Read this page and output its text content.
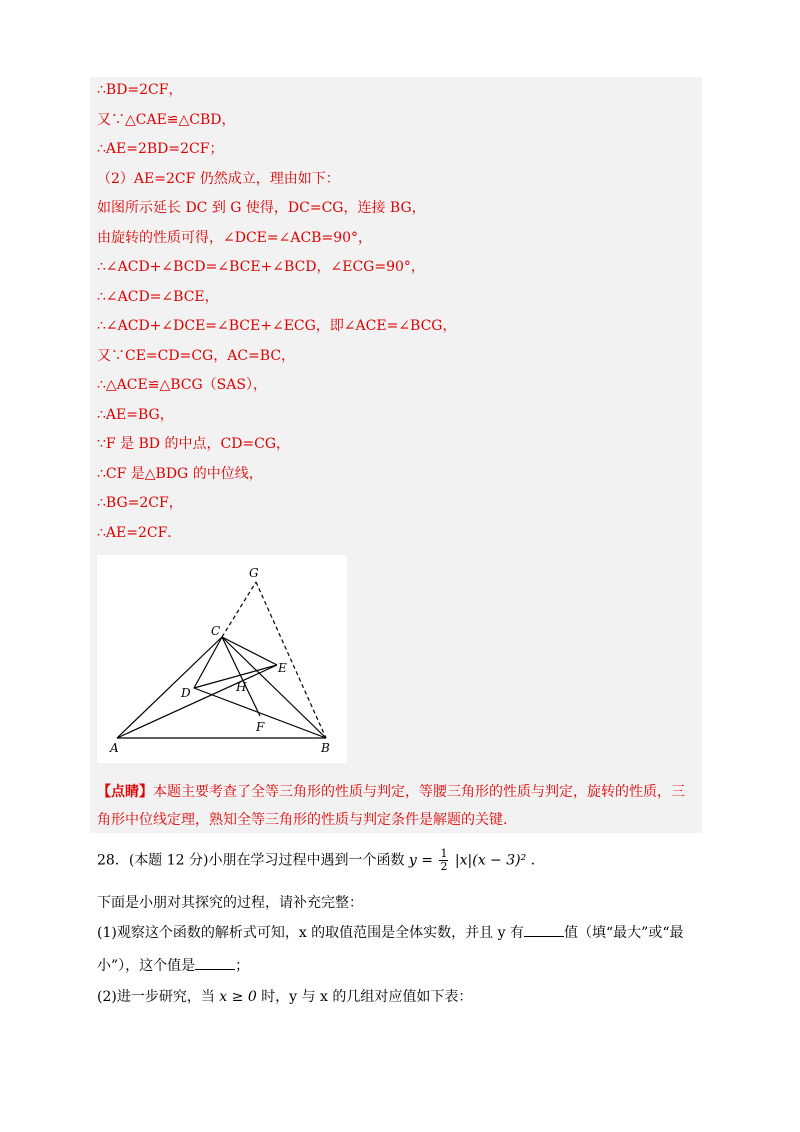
∴BD=2CF，
又∵△CAE≌△CBD，
∴AE=2BD=2CF；
（2）AE=2CF 仍然成立，理由如下：
如图所示延长 DC 到 G 使得，DC=CG，连接 BG，
由旋转的性质可得，∠DCE=∠ACB=90°，
∴∠ACD+∠BCD=∠BCE+∠BCD，∠ECG=90°，
∴∠ACD=∠BCE，
∴∠ACD+∠DCE=∠BCE+∠ECG，即∠ACE=∠BCG，
又∵CE=CD=CG，AC=BC，
∴△ACE≌△BCG（SAS），
∴AE=BG，
∵F 是 BD 的中点，CD=CG，
∴CF 是△BDG 的中位线，
∴BG=2CF，
∴AE=2CF．
G
C
E
D	H
F
A	B
【点睛】本题主要考查了全等三角形的性质与判定，等腰三角形的性质与判定，旋转的性质，三角形中位线定理，熟知全等三角形的性质与判定条件是解题的关键.
28．(本题 12 分)小朋在学习过程中遇到一个函数 $y = \frac{1}{2} |x|(x - 3)^2$ .
下面是小朋对其探究的过程，请补充完整：
(1)观察这个函数的解析式可知，x 的取值范围是全体实数，并且 y 有	值（填“最大”或“最
小”），这个值是	；
(2)进一步研究，当 x ≥ 0 时，y 与 x 的几组对应值如下表：
